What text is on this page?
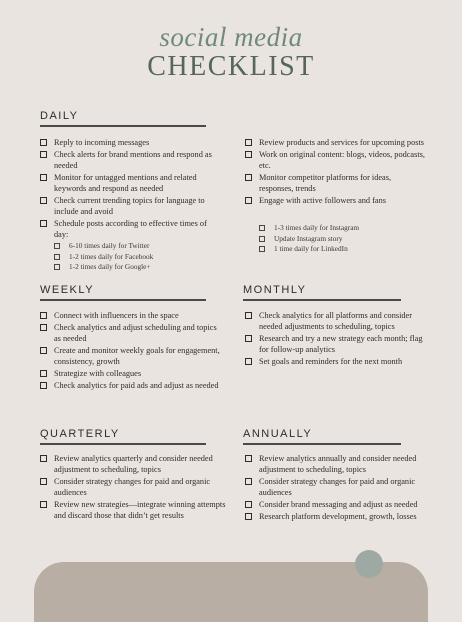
social media
CHECKLIST
DAILY
Reply to incoming messages
Check alerts for brand mentions and respond as needed
Monitor for untagged mentions and related keywords and respond as needed
Check current trending topics for language to include and avoid
Schedule posts according to effective times of day:
6-10 times daily for Twitter
1-2 times daily for Facebook
1-2 times daily for Google+
Review products and services for upcoming posts
Work on original content: blogs, videos, podcasts, etc.
Monitor competitor platforms for ideas, responses, trends
Engage with active followers and fans
1-3 times daily for Instagram
Update Instagram story
1 time daily for LinkedIn
WEEKLY
Connect with influencers in the space
Check analytics and adjust scheduling and topics as needed
Create and monitor weekly goals for engagement, consistency, growth
Strategize with colleagues
Check analytics for paid ads and adjust as needed
MONTHLY
Check analytics for all platforms and consider needed adjustments to scheduling, topics
Research and try a new strategy each month; flag for follow-up analytics
Set goals and reminders for the next month
QUARTERLY
Review analytics quarterly and consider needed adjustment to scheduling, topics
Consider strategy changes for paid and organic audiences
Review new strategies—integrate winning attempts and discard those that didn’t get results
ANNUALLY
Review analytics annually and consider needed adjustment to scheduling, topics
Consider strategy changes for paid and organic audiences
Consider brand messaging and adjust as needed
Research platform development, growth, losses
